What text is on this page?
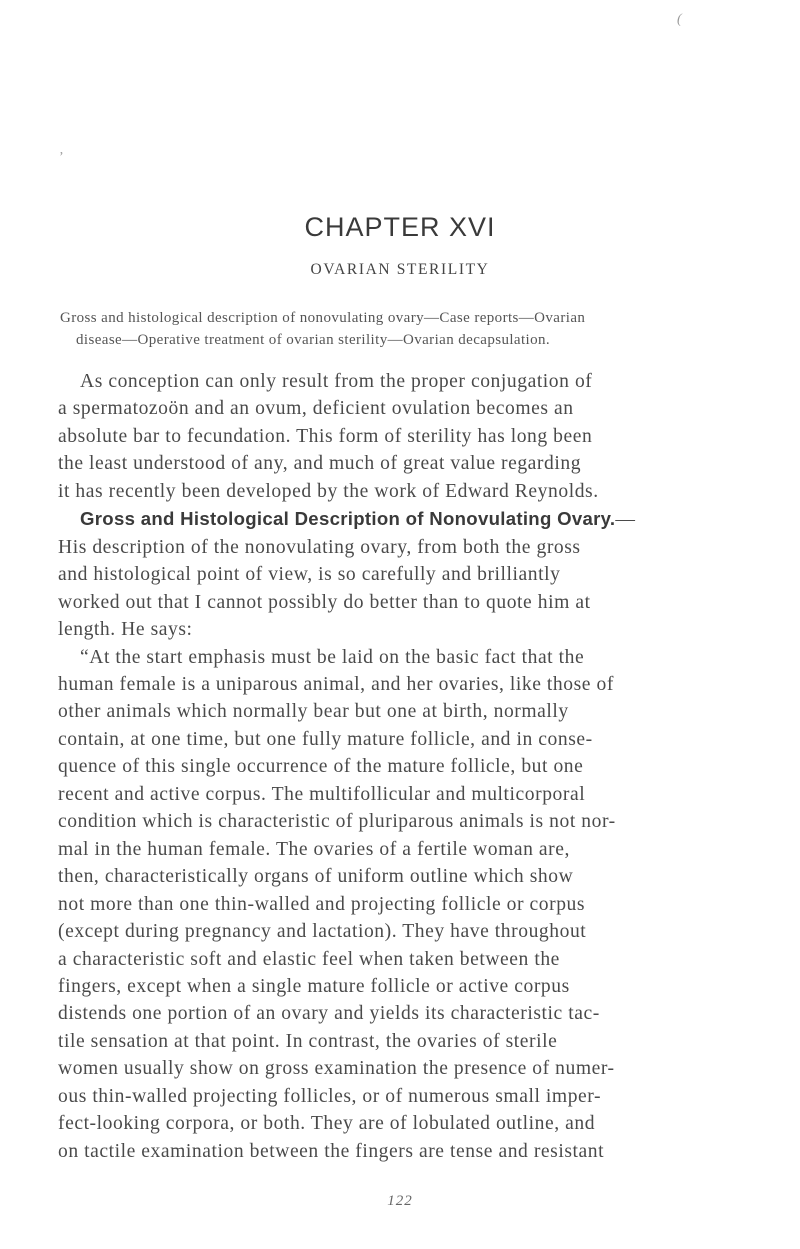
(
’
CHAPTER XVI
OVARIAN STERILITY
Gross and histological description of nonovulating ovary—Case reports—Ovarian
disease—Operative treatment of ovarian sterility—Ovarian decapsulation.
As conception can only result from the proper conjugation of
a spermatozoön and an ovum, deficient ovulation becomes an
absolute bar to fecundation. This form of sterility has long been
the least understood of any, and much of great value regarding
it has recently been developed by the work of Edward Reynolds.
Gross and Histological Description of Nonovulating Ovary.—
His description of the nonovulating ovary, from both the gross
and histological point of view, is so carefully and brilliantly
worked out that I cannot possibly do better than to quote him at
length. He says:
“At the start emphasis must be laid on the basic fact that the
human female is a uniparous animal, and her ovaries, like those of
other animals which normally bear but one at birth, normally
contain, at one time, but one fully mature follicle, and in conse-
quence of this single occurrence of the mature follicle, but one
recent and active corpus. The multifollicular and multicorporal
condition which is characteristic of pluriparous animals is not nor-
mal in the human female. The ovaries of a fertile woman are,
then, characteristically organs of uniform outline which show
not more than one thin-walled and projecting follicle or corpus
(except during pregnancy and lactation). They have throughout
a characteristic soft and elastic feel when taken between the
fingers, except when a single mature follicle or active corpus
distends one portion of an ovary and yields its characteristic tac-
tile sensation at that point. In contrast, the ovaries of sterile
women usually show on gross examination the presence of numer-
ous thin-walled projecting follicles, or of numerous small imper-
fect-looking corpora, or both. They are of lobulated outline, and
on tactile examination between the fingers are tense and resistant
122
